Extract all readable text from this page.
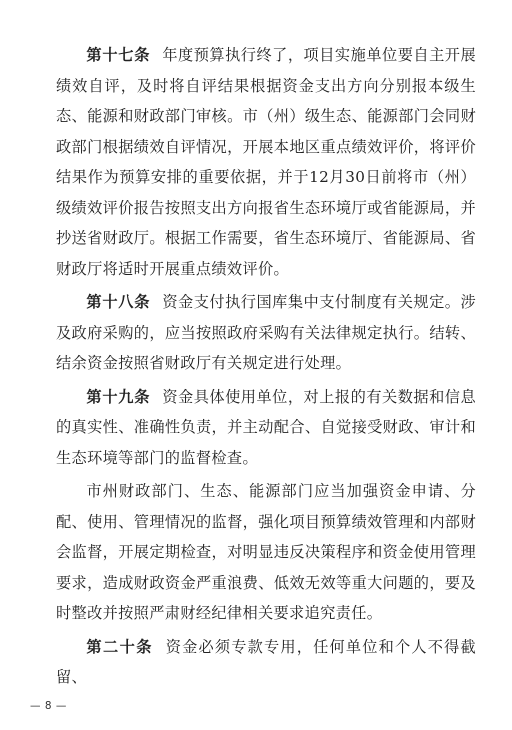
第十七条 年度预算执行终了，项目实施单位要自主开展绩效自评，及时将自评结果根据资金支出方向分别报本级生态、能源和财政部门审核。市（州）级生态、能源部门会同财政部门根据绩效自评情况，开展本地区重点绩效评价，将评价结果作为预算安排的重要依据，并于12月30日前将市（州）级绩效评价报告按照支出方向报省生态环境厅或省能源局，并抄送省财政厅。根据工作需要，省生态环境厅、省能源局、省财政厅将适时开展重点绩效评价。

第十八条 资金支付执行国库集中支付制度有关规定。涉及政府采购的，应当按照政府采购有关法律规定执行。结转、结余资金按照省财政厅有关规定进行处理。

第十九条 资金具体使用单位，对上报的有关数据和信息的真实性、准确性负责，并主动配合、自觉接受财政、审计和生态环境等部门的监督检查。

市州财政部门、生态、能源部门应当加强资金申请、分配、使用、管理情况的监督，强化项目预算绩效管理和内部财会监督，开展定期检查，对明显违反决策程序和资金使用管理要求，造成财政资金严重浪费、低效无效等重大问题的，要及时整改并按照严肃财经纪律相关要求追究责任。

第二十条 资金必须专款专用，任何单位和个人不得截留、

— 8 —
